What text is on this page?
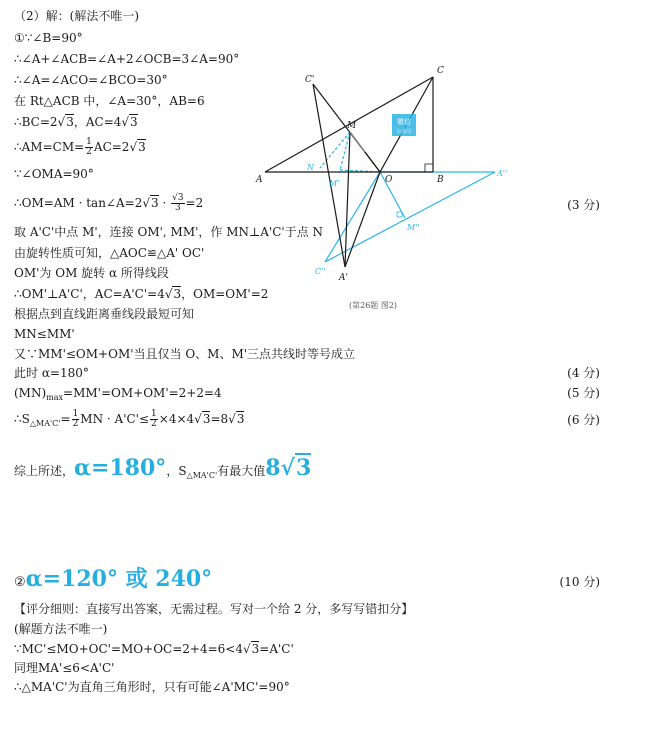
（2）解：(解法不唯一)
①∵∠B=90°
∴∠A+∠ACB=∠A+2∠OCB=3∠A=90°
∴∠A=∠ACO=∠BCO=30°
在 Rt△ACB 中，∠A=30°，AB=6
∴BC=2√3，AC=4√3
∴AM=CM= $\frac{1}{2} AC=2√3$
∵∠OMA=90°
∴OM=AM · tan∠A=2√3 · $\frac{√3}{3} =2$	(3 分)
取 A'C'中点 M'，连接 OM', MM'，作 MN⊥A'C'于点 N
由旋转性质可知，△AOC≌△A' OC'
OM'为 OM 旋转 α 所得线段
∴OM'⊥A'C'，AC=A'C'=4√3，OM=OM'=2
根据点到直线距离垂线段最短可知
MN≤MM'
又∵MM'≤OM+OM'当且仅当 O、M、M'三点共线时等号成立
此时 α=180°	(4 分)
$(MN)_{max}=MM'=OM+OM'=2+2=4$	(5 分)
$\therefore S_{\triangle MA'C'}= \frac{1}{2}$ MN · $A'C'\le \frac{1}{2} \times 4\times 4√3=8√3$	(6 分)
综上所述，α=180°，$S_{\triangle MA'C'}$有最大值8√3
②α=120° 或 240°	(10 分)
【评分细则：直接写出答案，无需过程。写对一个给 2 分，多写写错扣分】
(解题方法不唯一)
∵MC'≤MO+OC'=MO+OC=2+4=6<4√3=A'C'
同理MA'≤6<A'C'
∴△MA'C'为直角三角形时，只有可能∠A'MC'=90°
微信
公众号
A	B
C
O
M
C'
A'
N
M'
A''
C''
M''
(第26题 图2)
